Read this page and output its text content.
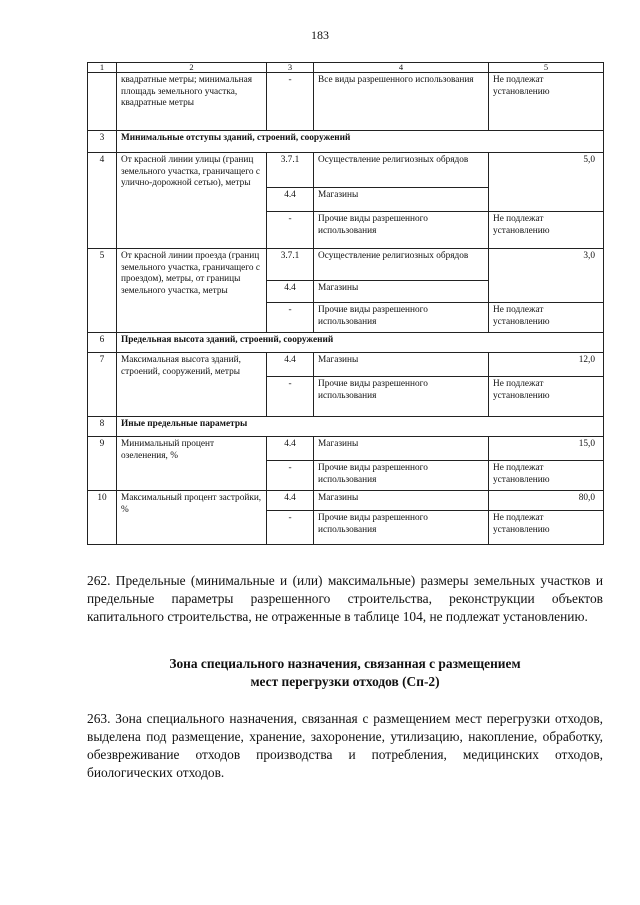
183
1	2	3	4	5
	квадратные метры; минимальная площадь земельного участка, квадратные метры	-	Все виды разрешенного использования	Не подлежат установлению
3	Минимальные отступы зданий, строений, сооружений			
4	От красной линии улицы (границ земельного участка, граничащего с улично-дорожной сетью), метры	3.7.1	Осуществление религиозных обрядов	5,0
		4.4	Магазины	
		-	Прочие виды разрешенного использования	Не подлежат установлению
5	От красной линии проезда (границ земельного участка, граничащего с проездом), метры, от границы земельного участка, метры	3.7.1	Осуществление религиозных обрядов	3,0
		4.4	Магазины	
		-	Прочие виды разрешенного использования	Не подлежат установлению
6	Предельная высота зданий, строений, сооружений			
7	Максимальная высота зданий, строений, сооружений, метры	4.4	Магазины	12,0
		-	Прочие виды разрешенного использования	Не подлежат установлению
8	Иные предельные параметры			
9	Минимальный процент озеленения, %	4.4	Магазины	15,0
		-	Прочие виды разрешенного использования	Не подлежат установлению
10	Максимальный процент застройки, %	4.4	Магазины	80,0
		-	Прочие виды разрешенного использования	Не подлежат установлению

262. Предельные (минимальные и (или) максимальные) размеры земельных участков и предельные параметры разрешенного строительства, реконструкции объектов капитального строительства, не отраженные в таблице 104, не подлежат установлению.

Зона специального назначения, связанная с размещением
мест перегрузки отходов (Сп-2)

263. Зона специального назначения, связанная с размещением мест перегрузки отходов, выделена под размещение, хранение, захоронение, утилизацию, накопление, обработку, обезвреживание отходов производства и потребления, медицинских отходов, биологических отходов.
